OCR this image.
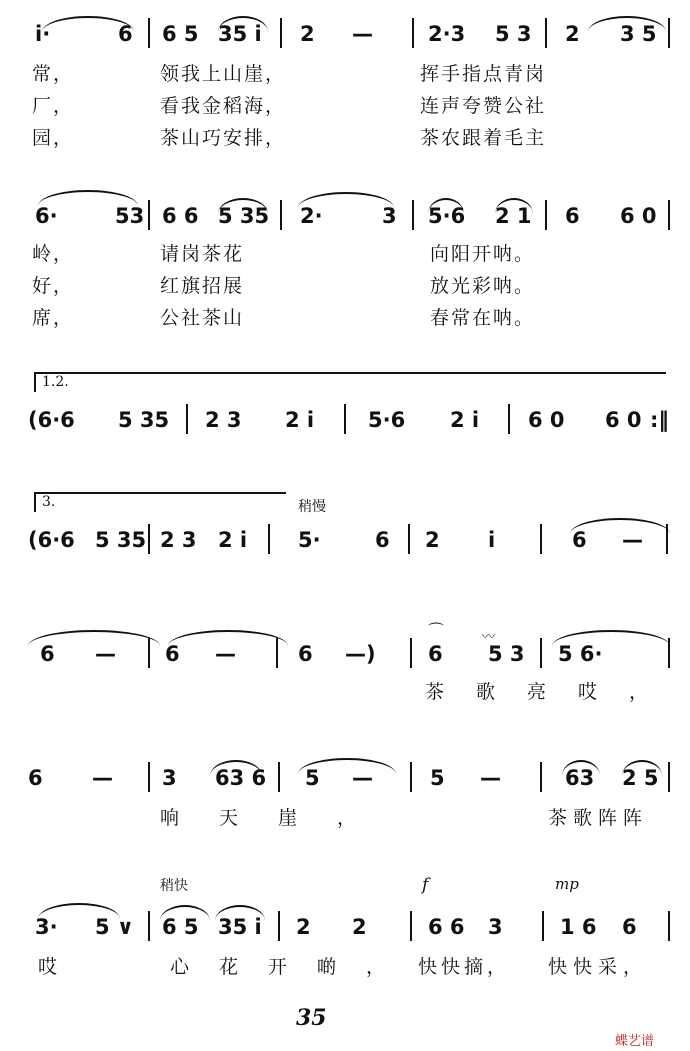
i·	6 6 5 35 i 2 —	2·3 5 3 2 3 5
常，	领我上山崖，	挥手指点青岗
厂，	看我金稻海，	连声夸赞公社
园，	茶山巧安排，	茶农跟着毛主
6·	53 6 6 5 35 2·	3 5·6 2 1 6 6 0
岭，	请岗茶花	向阳开呐。
好，	红旗招展	放光彩呐。
席，	公社茶山	春常在呐。
1.2.
(6·6 5 35 2 3 2 i	5·6 2 i 6 0 6 0 :‖
3.	稍慢
(6·6 5 35 2 3 2 i 5·	6 2 i	6 —
6 — 6 —	6 —) 6 5 3 5 6·
⌒	〰
茶歌亮哎，
6 — 3 63 6 5 —	5 —	63 2 5
响天崖，	茶歌阵阵
稍快	f	mp
3· 5 ∨ 6 5 35 i 2 2	6 6 3	1 6 6
哎	心花开啲， 快快摘， 快快采，
35
蝶艺谱
